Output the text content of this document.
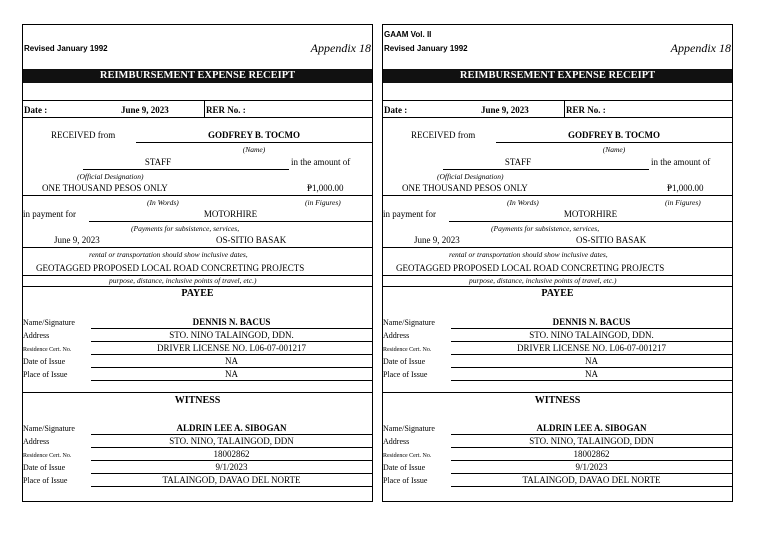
Revised January 1992	Appendix 18
REIMBURSEMENT EXPENSE RECEIPT
Date :	June 9, 2023	RER No. :
RECEIVED from	GODFREY B. TOCMO
(Name)
STAFF	in the amount of
(Official Designation)
ONE THOUSAND PESOS ONLY	₱1,000.00
(In Words)	(in Figures)
in payment for	MOTORHIRE
(Payments for subsistence, services,
June 9, 2023	OS-SITIO BASAK
rental or transportation should show inclusive dates,
GEOTAGGED PROPOSED LOCAL ROAD CONCRETING PROJECTS
purpose, distance, inclusive points of travel, etc.)
PAYEE
Name/Signature	DENNIS N. BACUS
Address	STO. NINO TALAINGOD, DDN.
Residence Cert. No.	DRIVER LICENSE NO. L06-07-001217
Date of Issue	NA
Place of Issue	NA
WITNESS
Name/Signature	ALDRIN LEE A. SIBOGAN
Address	STO. NINO, TALAINGOD, DDN
Residence Cert. No.	18002862
Date of Issue	9/1/2023
Place of Issue	TALAINGOD, DAVAO DEL NORTE
GAAM Vol. II
Revised January 1992	Appendix 18
REIMBURSEMENT EXPENSE RECEIPT
Date :	June 9, 2023	RER No. :
RECEIVED from	GODFREY B. TOCMO
(Name)
STAFF	in the amount of
(Official Designation)
ONE THOUSAND PESOS ONLY	₱1,000.00
(In Words)	(in Figures)
in payment for	MOTORHIRE
(Payments for subsistence, services,
June 9, 2023	OS-SITIO BASAK
rental or transportation should show inclusive dates,
GEOTAGGED PROPOSED LOCAL ROAD CONCRETING PROJECTS
purpose, distance, inclusive points of travel, etc.)
PAYEE
Name/Signature	DENNIS N. BACUS
Address	STO. NINO TALAINGOD, DDN.
Residence Cert. No.	DRIVER LICENSE NO. L06-07-001217
Date of Issue	NA
Place of Issue	NA
WITNESS
Name/Signature	ALDRIN LEE A. SIBOGAN
Address	STO. NINO, TALAINGOD, DDN
Residence Cert. No.	18002862
Date of Issue	9/1/2023
Place of Issue	TALAINGOD, DAVAO DEL NORTE
